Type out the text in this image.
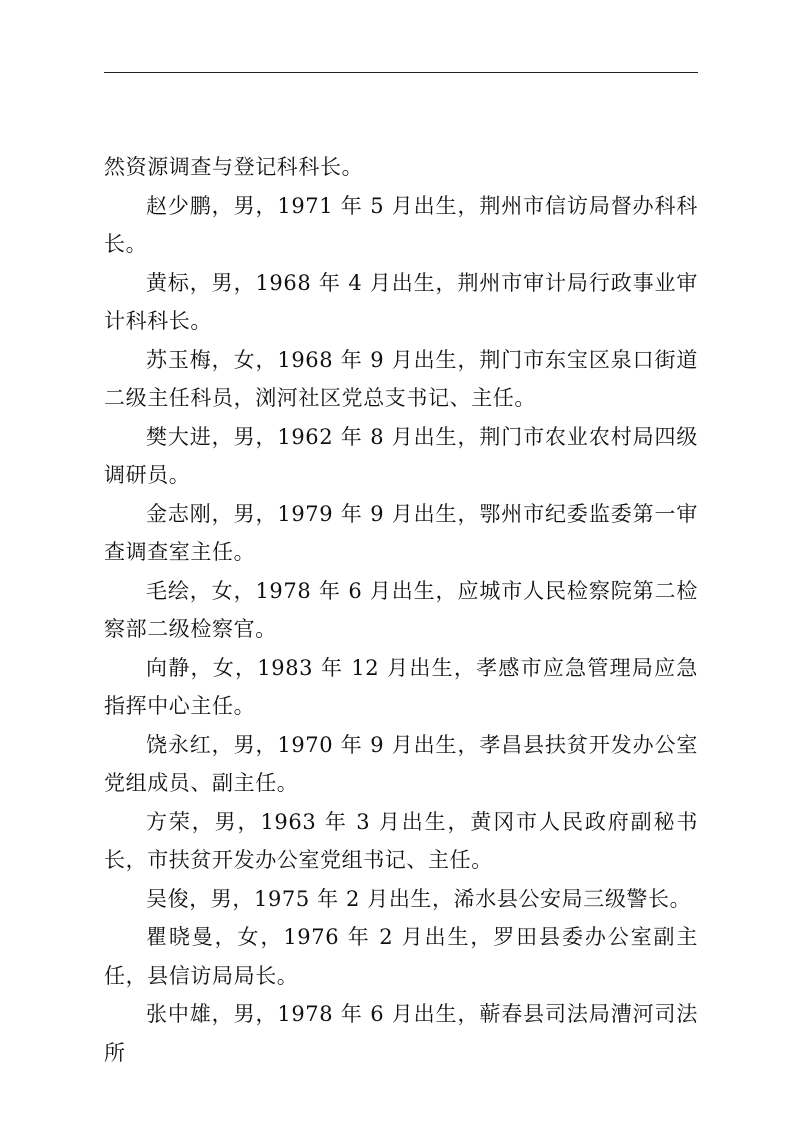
然资源调查与登记科科长。

赵少鹏，男，1971 年 5 月出生，荆州市信访局督办科科长。

黄标，男，1968 年 4 月出生，荆州市审计局行政事业审计科科长。

苏玉梅，女，1968 年 9 月出生，荆门市东宝区泉口街道二级主任科员，浏河社区党总支书记、主任。

樊大进，男，1962 年 8 月出生，荆门市农业农村局四级调研员。

金志刚，男，1979 年 9 月出生，鄂州市纪委监委第一审查调查室主任。

毛绘，女，1978 年 6 月出生，应城市人民检察院第二检察部二级检察官。

向静，女，1983 年 12 月出生，孝感市应急管理局应急指挥中心主任。

饶永红，男，1970 年 9 月出生，孝昌县扶贫开发办公室党组成员、副主任。

方荣，男，1963 年 3 月出生，黄冈市人民政府副秘书长，市扶贫开发办公室党组书记、主任。

吴俊，男，1975 年 2 月出生，浠水县公安局三级警长。

瞿晓曼，女，1976 年 2 月出生，罗田县委办公室副主任，县信访局局长。

张中雄，男，1978 年 6 月出生，蕲春县司法局漕河司法所
